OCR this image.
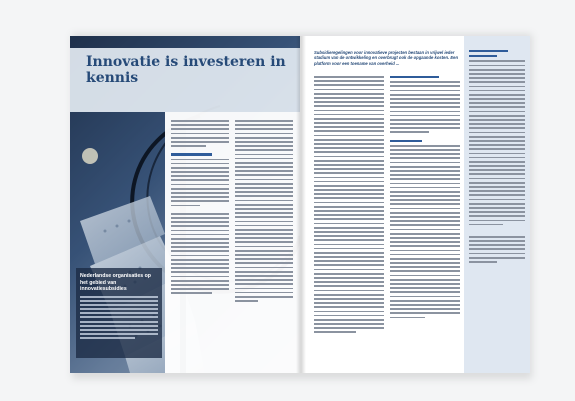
Innovatie is investeren in kennis
Nederlandse organisaties op het gebied van innovatiesubsidies
Subsidieregelingen voor innovatieve projecten bestaan in vrijwel ieder stadium van de ontwikkeling en overbrugt ook de opgaande kosten. Een platform voor een toename van overheid ...
